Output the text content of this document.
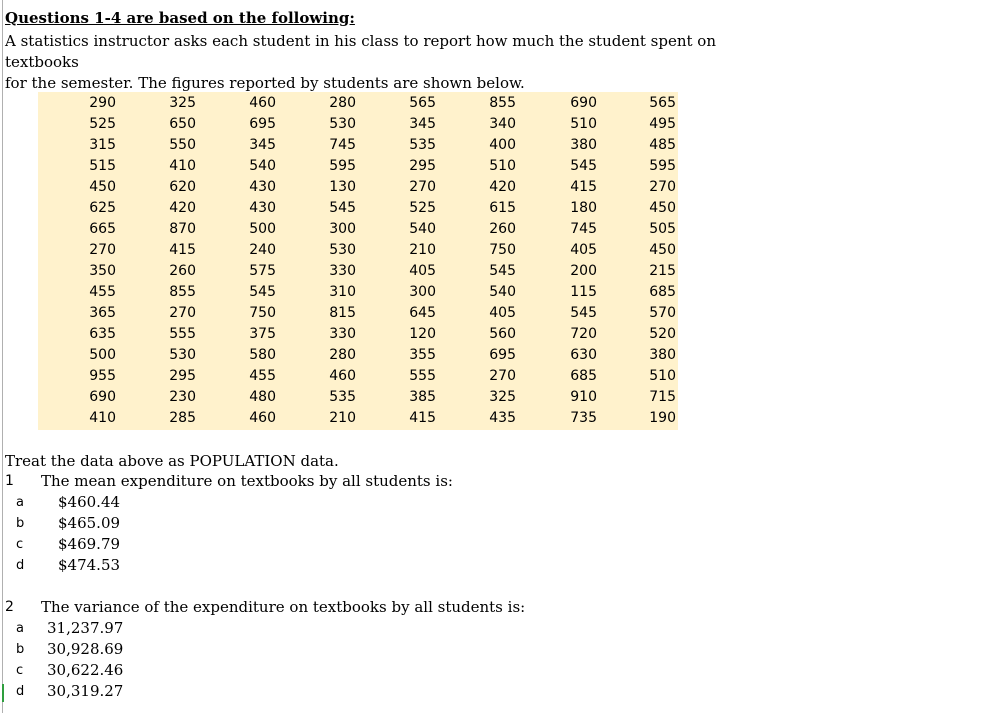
Questions 1-4 are based on the following:
A statistics instructor asks each student in his class to report how much the student spent on textbooks
for the semester. The figures reported by students are shown below.
290	325	460	280	565	855	690	565
525	650	695	530	345	340	510	495
315	550	345	745	535	400	380	485
515	410	540	595	295	510	545	595
450	620	430	130	270	420	415	270
625	420	430	545	525	615	180	450
665	870	500	300	540	260	745	505
270	415	240	530	210	750	405	450
350	260	575	330	405	545	200	215
455	855	545	310	300	540	115	685
365	270	750	815	645	405	545	570
635	555	375	330	120	560	720	520
500	530	580	280	355	695	630	380
955	295	455	460	555	270	685	510
690	230	480	535	385	325	910	715
410	285	460	210	415	435	735	190
Treat the data above as POPULATION data.
1 The mean expenditure on textbooks by all students is:
a $460.44
b $465.09
c $469.79
d $474.53
2 The variance of the expenditure on textbooks by all students is:
a 31,237.97
b 30,928.69
c 30,622.46
d 30,319.27
